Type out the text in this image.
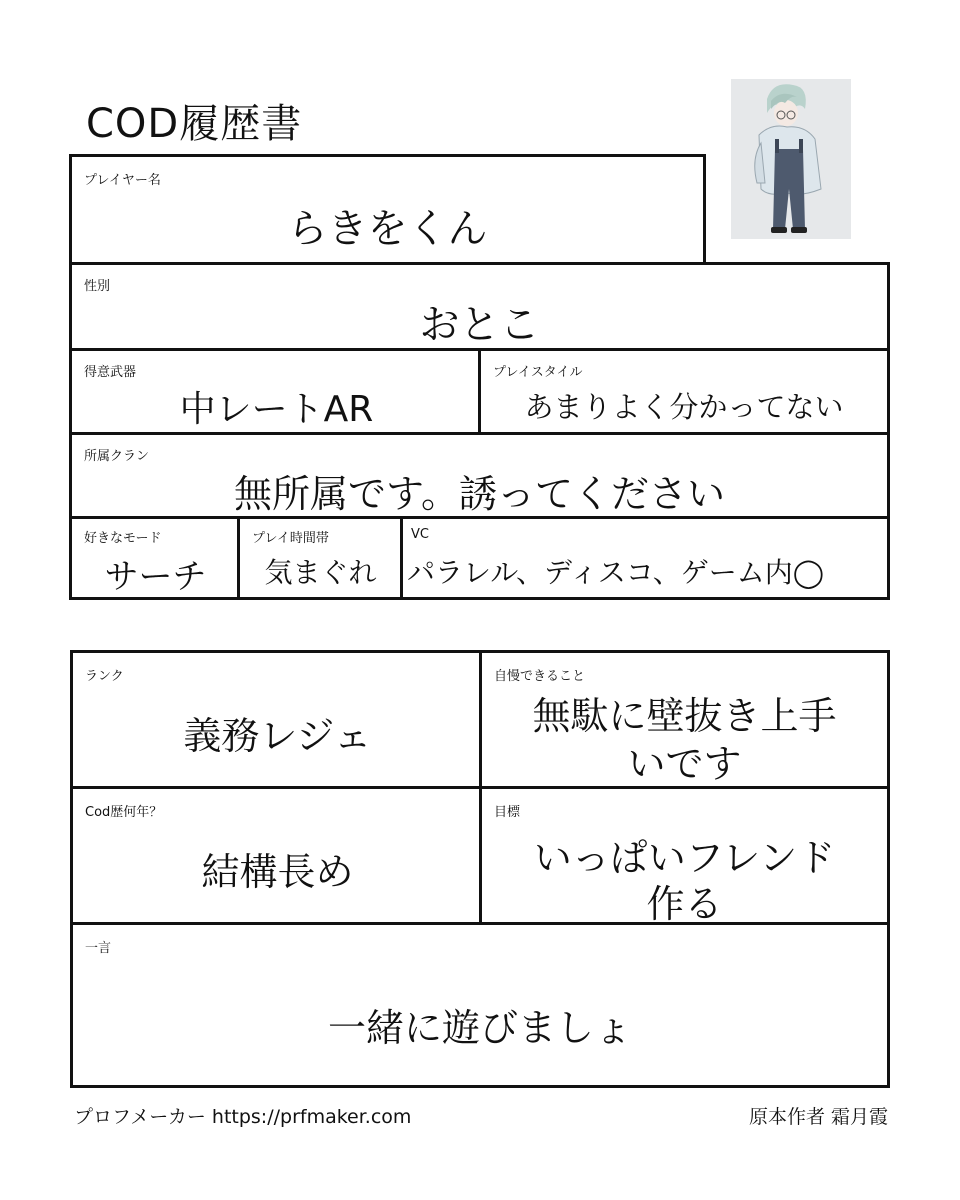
COD履歴書
プレイヤー名
らきをくん
性別
おとこ
得意武器
中レートAR
プレイスタイル
あまりよく分かってない
所属クラン
無所属です。誘ってください
好きなモード
サーチ
プレイ時間帯
気まぐれ
VC
パラレル、ディスコ、ゲーム内◯
ランク
義務レジェ
自慢できること
無駄に壁抜き上手
いです
Cod歴何年？
結構長め
目標
いっぱいフレンド
作る
一言
一緒に遊びましょ
プロフメーカー https://prfmaker.com	原本作者 霜月霞
